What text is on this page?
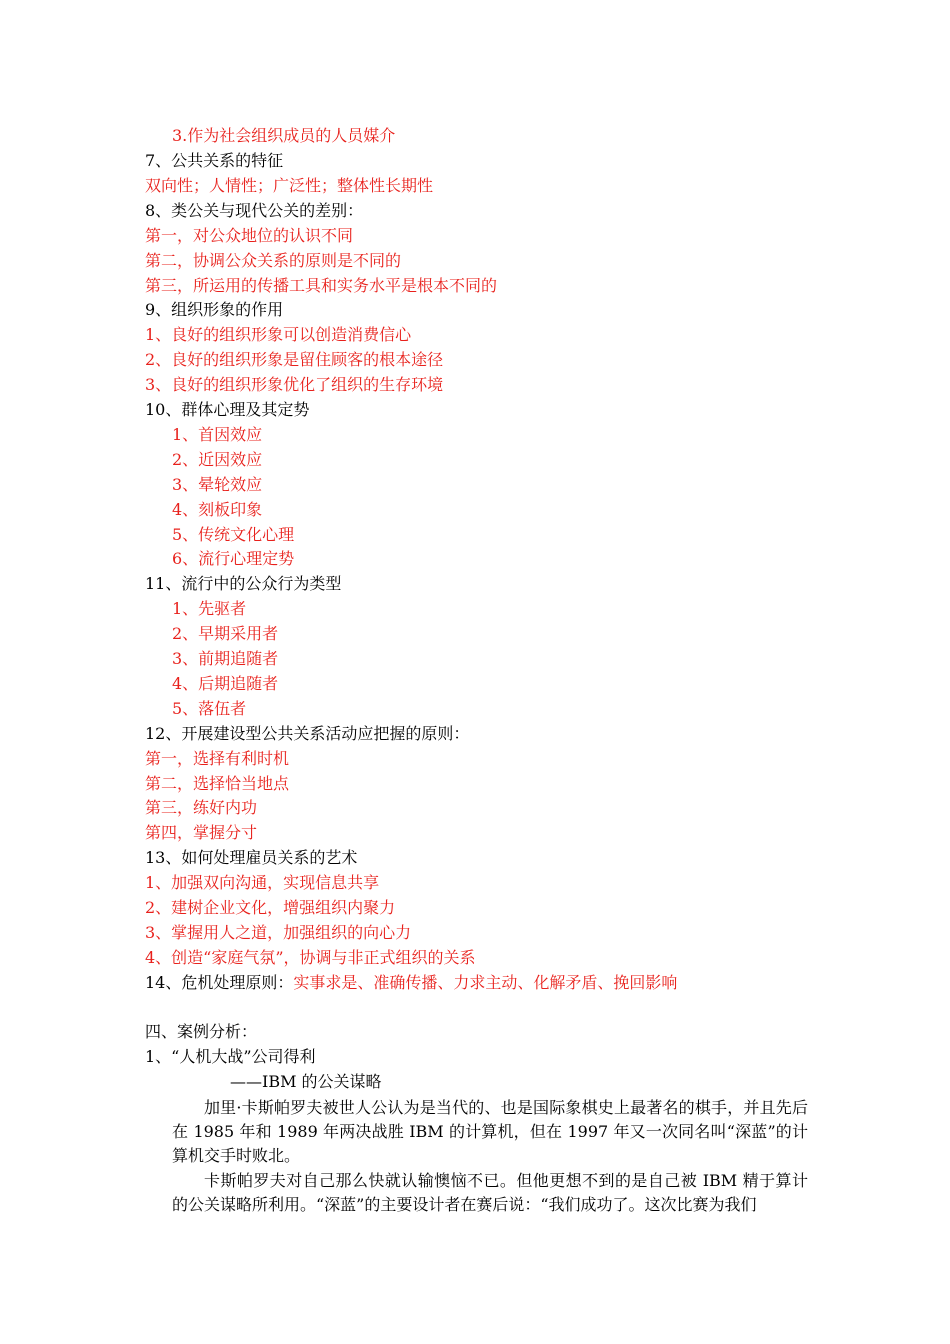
3.作为社会组织成员的人员媒介
7、公共关系的特征
双向性；人情性；广泛性；整体性长期性
8、类公关与现代公关的差别：
第一，对公众地位的认识不同
第二，协调公众关系的原则是不同的
第三，所运用的传播工具和实务水平是根本不同的
9、组织形象的作用
1、良好的组织形象可以创造消费信心
2、良好的组织形象是留住顾客的根本途径
3、良好的组织形象优化了组织的生存环境
10、群体心理及其定势
1、首因效应
2、近因效应
3、晕轮效应
4、刻板印象
5、传统文化心理
6、流行心理定势
11、流行中的公众行为类型
1、先驱者
2、早期采用者
3、前期追随者
4、后期追随者
5、落伍者
12、开展建设型公共关系活动应把握的原则：
第一，选择有利时机
第二，选择恰当地点
第三，练好内功
第四，掌握分寸
13、如何处理雇员关系的艺术
1、加强双向沟通，实现信息共享
2、建树企业文化，增强组织内聚力
3、掌握用人之道，加强组织的向心力
4、创造“家庭气氛”，协调与非正式组织的关系
14、危机处理原则：实事求是、准确传播、力求主动、化解矛盾、挽回影响
四、案例分析：
1、“人机大战”公司得利
——IBM 的公关谋略
加里·卡斯帕罗夫被世人公认为是当代的、也是国际象棋史上最著名的棋手，并且先后在 1985 年和 1989 年两决战胜 IBM 的计算机，但在 1997 年又一次同名叫“深蓝”的计算机交手时败北。
卡斯帕罗夫对自己那么快就认输懊恼不已。但他更想不到的是自己被 IBM 精于算计的公关谋略所利用。“深蓝”的主要设计者在赛后说：“我们成功了。这次比赛为我们
